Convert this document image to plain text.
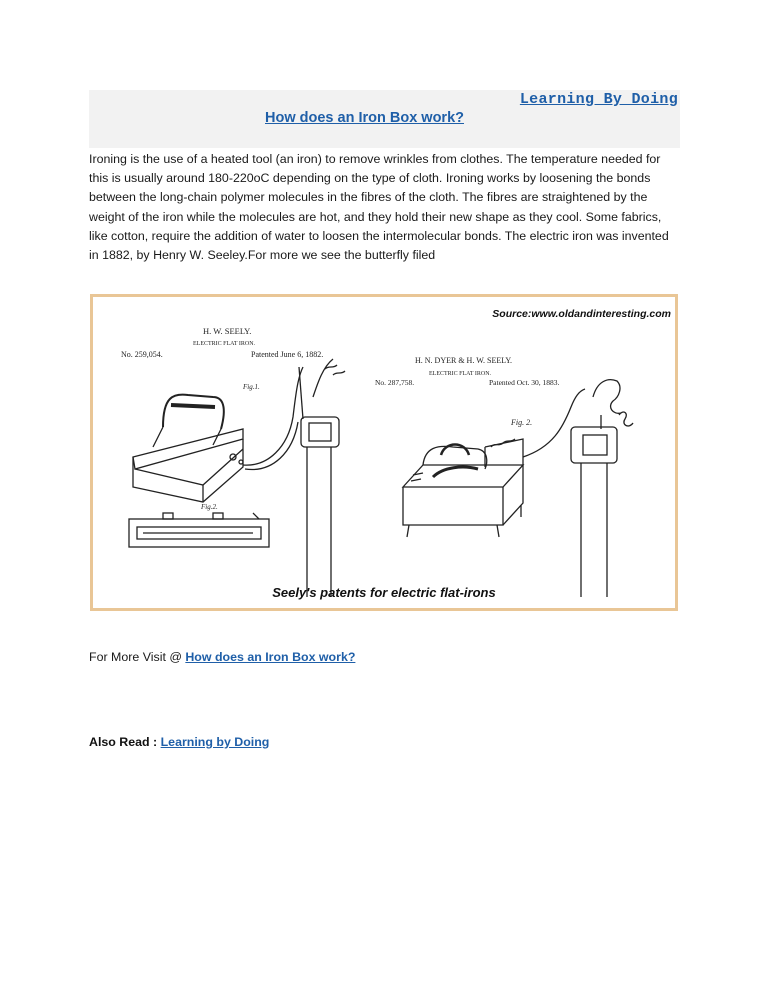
Learning By Doing
How does an Iron Box work?

Ironing is the use of a heated tool (an iron) to remove wrinkles from clothes. The temperature needed for this is usually around 180-220oC depending on the type of cloth. Ironing works by loosening the bonds between the long-chain polymer molecules in the fibres of the cloth. The fibres are straightened by the weight of the iron while the molecules are hot, and they hold their new shape as they cool. Some fabrics, like cotton, require the addition of water to loosen the intermolecular bonds. The electric iron was invented in 1882, by Henry W. Seeley.For more we see the butterfly filed

Source:www.oldandinteresting.com
H. W. SEELY.
ELECTRIC FLAT IRON.
No. 259,054.	Patented June 6, 1882.
Fig.1.
Fig.2.
H. N. DYER & H. W. SEELY.
ELECTRIC FLAT IRON.
No. 287,758.	Patented Oct. 30, 1883.
Fig. 2.
Seely's patents for electric flat-irons
For More Visit @ How does an Iron Box work?
Also Read : Learning by Doing
